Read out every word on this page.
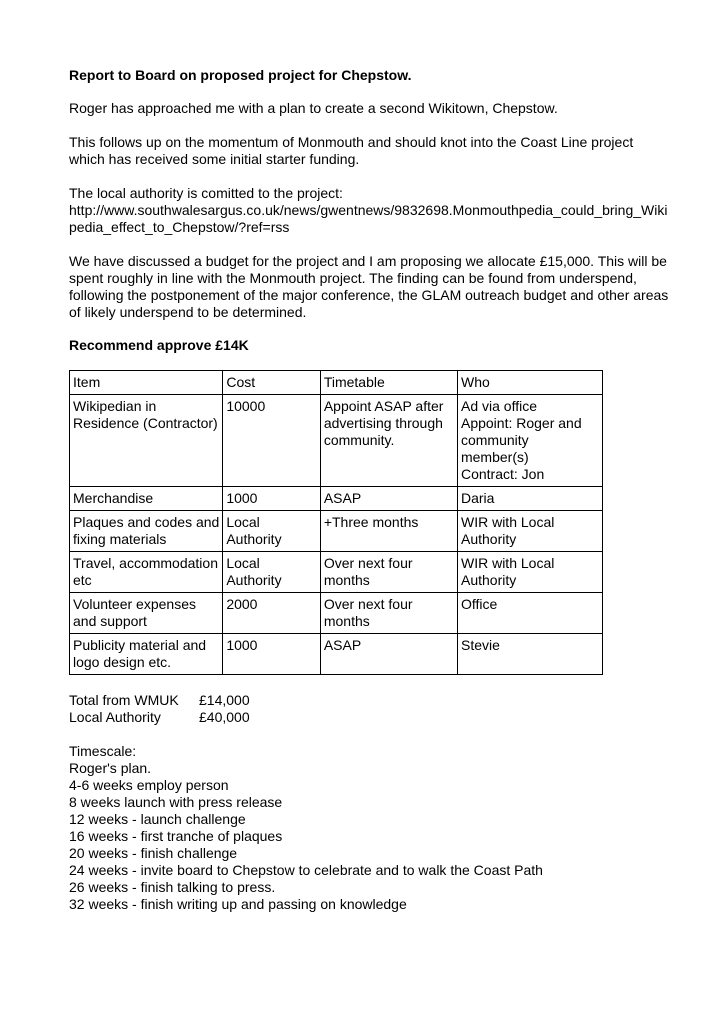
Report to Board on proposed project for Chepstow.

Roger has approached me with a plan to create a second Wikitown, Chepstow.

This follows up on the momentum of Monmouth and should knot into the Coast Line project which has received some initial starter funding.

The local authority is comitted to the project:
http://www.southwalesargus.co.uk/news/gwentnews/9832698.Monmouthpedia_could_bring_Wikipedia_effect_to_Chepstow/?ref=rss

We have discussed a budget for the project and I am proposing we allocate £15,000. This will be spent roughly in line with the Monmouth project. The finding can be found from underspend, following the postponement of the major conference, the GLAM outreach budget and other areas of likely underspend to be determined.

Recommend approve £14K

Item	Cost	Timetable	Who
Wikipedian in Residence (Contractor)	10000	Appoint ASAP after advertising through community.	Ad via office
Appoint: Roger and community member(s)
Contract: Jon
Merchandise	1000	ASAP	Daria
Plaques and codes and fixing materials	Local Authority	+Three months	WIR with Local Authority
Travel, accommodation etc	Local Authority	Over next four months	WIR with Local Authority
Volunteer expenses and support	2000	Over next four months	Office
Publicity material and logo design etc.	1000	ASAP	Stevie
Total from WMUK	£14,000
Local Authority	£40,000
Timescale:
Roger's plan.
4-6 weeks employ person
8 weeks launch with press release
12 weeks - launch challenge
16 weeks - first tranche of plaques
20 weeks - finish challenge
24 weeks - invite board to Chepstow to celebrate and to walk the Coast Path
26 weeks - finish talking to press.
32 weeks - finish writing up and passing on knowledge
